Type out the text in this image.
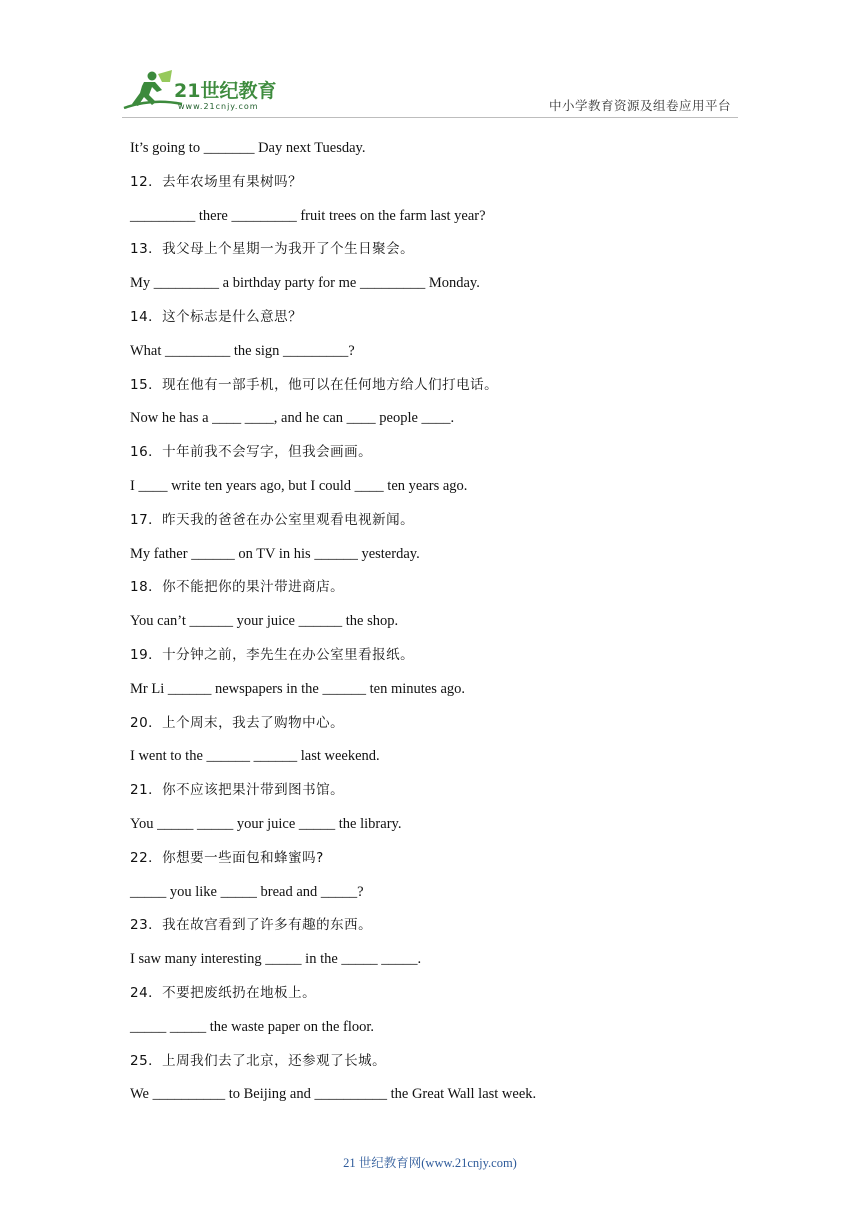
21世纪教育
www.21cnjy.com	中小学教育资源及组卷应用平台
It’s going to _______ Day next Tuesday.
12．去年农场里有果树吗？
_________ there _________ fruit trees on the farm last year?
13．我父母上个星期一为我开了个生日聚会。
My _________ a birthday party for me _________ Monday.
14．这个标志是什么意思？
What _________ the sign _________?
15．现在他有一部手机，他可以在任何地方给人们打电话。
Now he has a ____ ____, and he can ____ people ____.
16．十年前我不会写字，但我会画画。
I ____ write ten years ago, but I could ____ ten years ago.
17．昨天我的爸爸在办公室里观看电视新闻。
My father ______ on TV in his ______ yesterday.
18．你不能把你的果汁带进商店。
You can’t ______ your juice ______ the shop.
19．十分钟之前，李先生在办公室里看报纸。
Mr Li ______ newspapers in the ______ ten minutes ago.
20．上个周末，我去了购物中心。
I went to the ______ ______ last weekend.
21．你不应该把果汁带到图书馆。
You _____ _____ your juice _____ the library.
22．你想要一些面包和蜂蜜吗?
_____ you like _____ bread and _____?
23．我在故宫看到了许多有趣的东西。
I saw many interesting _____ in the _____ _____.
24．不要把废纸扔在地板上。
_____ _____ the waste paper on the floor.
25．上周我们去了北京，还参观了长城。
We __________ to Beijing and __________ the Great Wall last week.
21 世纪教育网(www.21cnjy.com)
